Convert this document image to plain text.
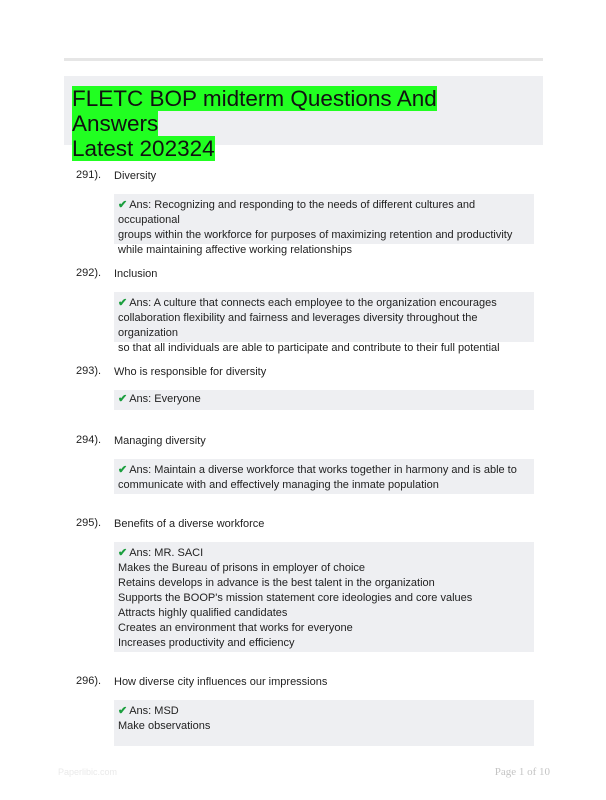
FLETC BOP midterm Questions And Answers
Latest 202324
291). Diversity
✔ Ans: Recognizing and responding to the needs of different cultures and occupational
groups within the workforce for purposes of maximizing retention and productivity
while maintaining affective working relationships
292). Inclusion
✔ Ans: A culture that connects each employee to the organization encourages
collaboration flexibility and fairness and leverages diversity throughout the organization
so that all individuals are able to participate and contribute to their full potential
293). Who is responsible for diversity
✔ Ans: Everyone
294). Managing diversity
✔ Ans: Maintain a diverse workforce that works together in harmony and is able to
communicate with and effectively managing the inmate population
295). Benefits of a diverse workforce
✔ Ans: MR. SACI
Makes the Bureau of prisons in employer of choice
Retains develops in advance is the best talent in the organization
Supports the BOOP's mission statement core ideologies and core values
Attracts highly qualified candidates
Creates an environment that works for everyone
Increases productivity and efficiency
296). How diverse city influences our impressions
✔ Ans: MSD
Make observations
Paperlibic.com	Page 1 of 10
